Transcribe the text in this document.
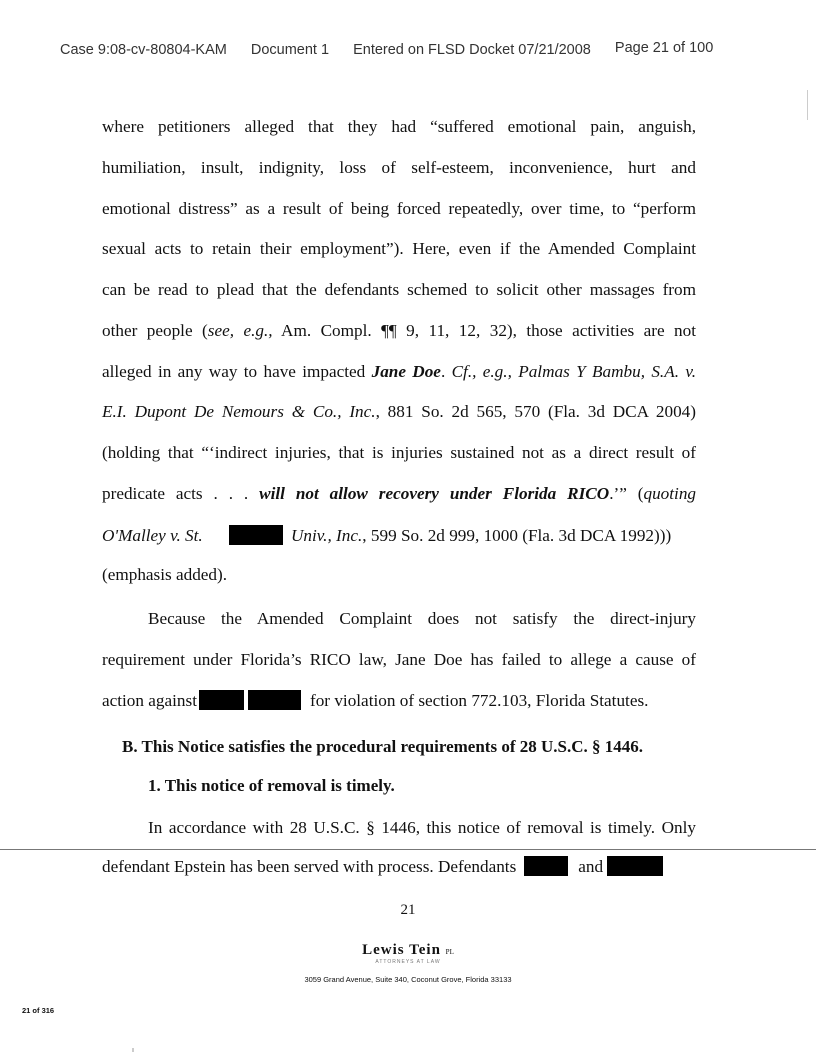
Case 9:08-cv-80804-KAM Document 1 Entered on FLSD Docket 07/21/2008 Page 21 of 100
where petitioners alleged that they had “suffered emotional pain, anguish,
humiliation, insult, indignity, loss of self-esteem, inconvenience, hurt and
emotional distress” as a result of being forced repeatedly, over time, to “perform
sexual acts to retain their employment”). Here, even if the Amended Complaint
can be read to plead that the defendants schemed to solicit other massages from
other people (see, e.g., Am. Compl. ¶¶ 9, 11, 12, 32), those activities are not
alleged in any way to have impacted Jane Doe. Cf., e.g., Palmas Y Bambu, S.A. v.
E.I. Dupont De Nemours & Co., Inc., 881 So. 2d 565, 570 (Fla. 3d DCA 2004)
(holding that “‘indirect injuries, that is injuries sustained not as a direct result of
predicate acts . . . will not allow recovery under Florida RICO.’” (quoting
O'Malley v. St.	Univ., Inc., 599 So. 2d 999, 1000 (Fla. 3d DCA 1992)))
(emphasis added).
Because the Amended Complaint does not satisfy the direct-injury
requirement under Florida’s RICO law, Jane Doe has failed to allege a cause of
action against	for violation of section 772.103, Florida Statutes.
B. This Notice satisfies the procedural requirements of 28 U.S.C. § 1446.
1. This notice of removal is timely.
In accordance with 28 U.S.C. § 1446, this notice of removal is timely. Only
defendant Epstein has been served with process. Defendants	and
21
Lewis Tein PL
ATTORNEYS AT LAW
3059 Grand Avenue, Suite 340, Coconut Grove, Florida 33133
21 of 316
